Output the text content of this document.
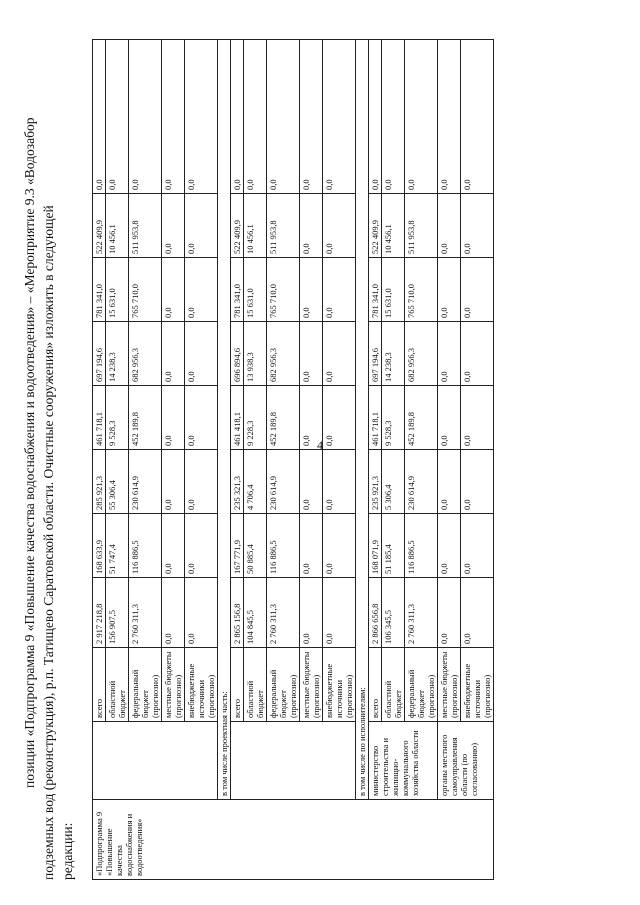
4
позиции «Подпрограмма 9 «Повышение качества водоснабжения и водоотведения» – «Мероприятие 9.3 «Водозабор подземных вод (реконструкция), р.п. Татищево Саратовской области. Очистные сооружения» изложить в следующей редакции: «Подпрограмма 9 «Повышение качества водоснабжения и водоотведения»		всего	2 917 218,8	168 633,9	285 921,3	461 718,1	697 194,6	781 341,0	522 409,9	0,0
		областной бюджет	156 907,5	51 747,4	55 306,4	9 528,3	14 238,3	15 631,0	10 456,1	0,0
		федеральный бюджет (прогнозно)	2 760 311,3	116 886,5	230 614,9	452 189,8	682 956,3	765 710,0	511 953,8	0,0
		местные бюджеты (прогнозно)	0,0	0,0	0,0	0,0	0,0	0,0	0,0	0,0
		внебюджетные источники (прогнозно)	0,0	0,0	0,0	0,0	0,0	0,0	0,0	0,0
	в том числе проектная часть:									
		всего	2 865 156,8	167 771,9	235 321,3	461 418,1	696 894,6	781 341,0	522 409,9	0,0
		областной бюджет	104 845,5	50 885,4	4 706,4	9 228,3	13 938,3	15 631,0	10 456,1	0,0
		федеральный бюджет (прогнозно)	2 760 311,3	116 886,5	230 614,9	452 189,8	682 956,3	765 710,0	511 953,8	0,0
		местные бюджеты (прогнозно)	0,0	0,0	0,0	0,0	0,0	0,0	0,0	0,0
		внебюджетные источники (прогнозно)	0,0	0,0	0,0	0,0	0,0	0,0	0,0	0,0
	в том числе по исполнителям:									
	министерство строительства и жилищно-коммунального хозяйства области	всего	2 866 656,8	168 071,9	235 921,3	461 718,1	697 194,6	781 341,0	522 409,9	0,0
		областной бюджет	106 345,5	51 185,4	5 306,4	9 528,3	14 238,3	15 631,0	10 456,1	0,0
		федеральный бюджет (прогнозно)	2 760 311,3	116 886,5	230 614,9	452 189,8	682 956,3	765 710,0	511 953,8	0,0
	органы местного самоуправления области (по согласованию)	местные бюджеты (прогнозно)	0,0	0,0	0,0	0,0	0,0	0,0	0,0	0,0
		внебюджетные источники (прогнозно)	0,0	0,0	0,0	0,0	0,0	0,0	0,0	0,0
